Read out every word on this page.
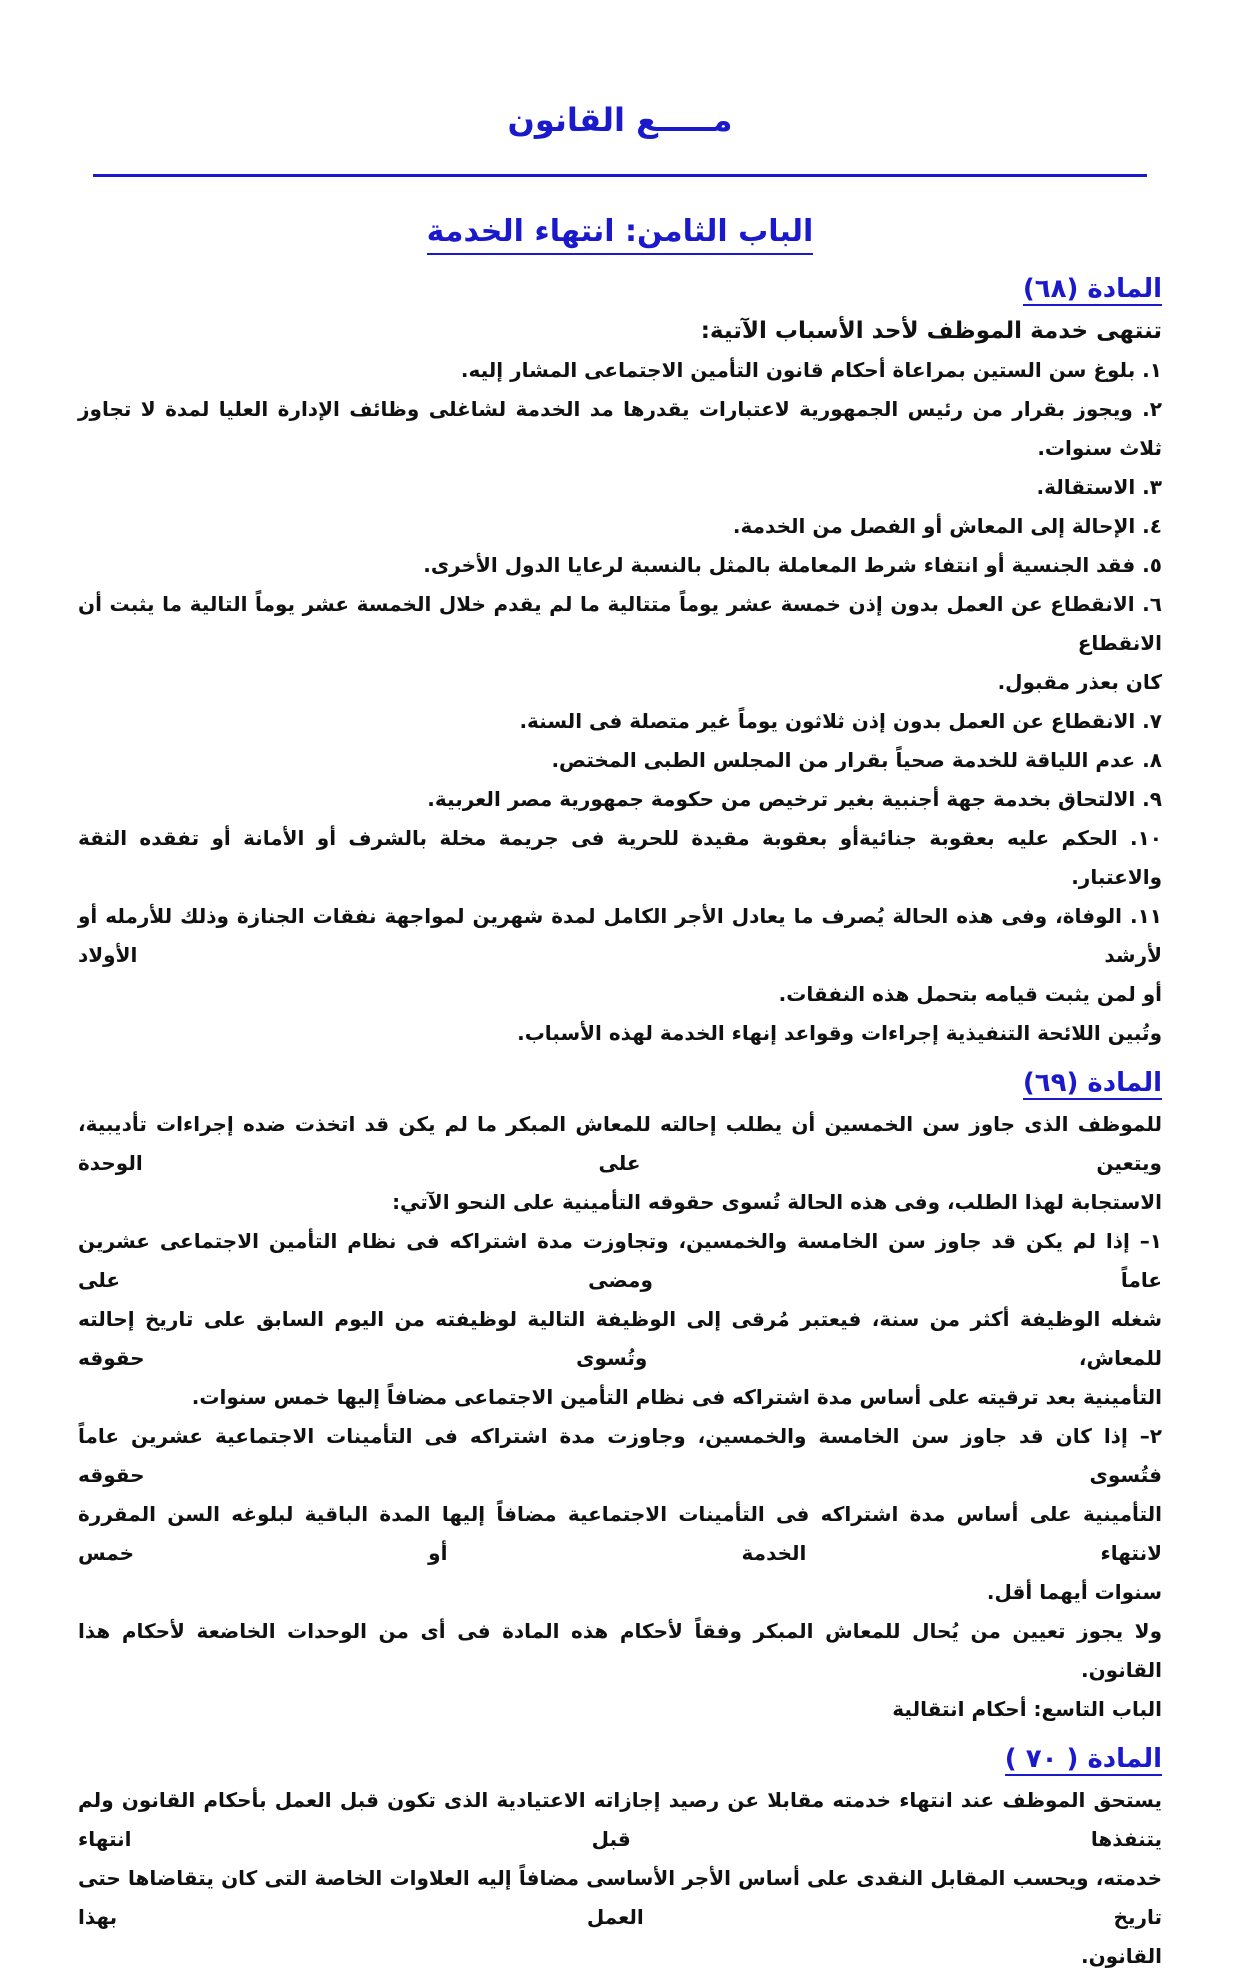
مـــــع القانون
الباب الثامن: انتهاء الخدمة
المادة (٦٨)

تنتهى خدمة الموظف لأحد الأسباب الآتية:

١. بلوغ سن الستين بمراعاة أحكام قانون التأمين الاجتماعى المشار إليه.

٢. ويجوز بقرار من رئيس الجمهورية لاعتبارات يقدرها مد الخدمة لشاغلى وظائف الإدارة العليا لمدة لا تجاوز ثلاث سنوات.

٣. الاستقالة.

٤. الإحالة إلى المعاش أو الفصل من الخدمة.

٥. فقد الجنسية أو انتفاء شرط المعاملة بالمثل بالنسبة لرعايا الدول الأخرى.

٦. الانقطاع عن العمل بدون إذن خمسة عشر يوماً متتالية ما لم يقدم خلال الخمسة عشر يوماً التالية ما يثبت أن الانقطاع

كان بعذر مقبول.

٧. الانقطاع عن العمل بدون إذن ثلاثون يوماً غير متصلة فى السنة.

٨. عدم اللياقة للخدمة صحياً بقرار من المجلس الطبى المختص.

٩. الالتحاق بخدمة جهة أجنبية بغير ترخيص من حكومة جمهورية مصر العربية.

١٠. الحكم عليه بعقوبة جنائيةأو بعقوبة مقيدة للحرية فى جريمة مخلة بالشرف أو الأمانة أو تفقده الثقة والاعتبار.

١١. الوفاة، وفى هذه الحالة يُصرف ما يعادل الأجر الكامل لمدة شهرين لمواجهة نفقات الجنازة وذلك للأرمله أو لأرشد الأولاد

أو لمن يثبت قيامه بتحمل هذه النفقات.

وتُبين اللائحة التنفيذية إجراءات وقواعد إنهاء الخدمة لهذه الأسباب.

المادة (٦٩)

للموظف الذى جاوز سن الخمسين أن يطلب إحالته للمعاش المبكر ما لم يكن قد اتخذت ضده إجراءات تأديبية، ويتعين على الوحدة

الاستجابة لهذا الطلب، وفى هذه الحالة تُسوى حقوقه التأمينية على النحو الآتي:

١– إذا لم يكن قد جاوز سن الخامسة والخمسين، وتجاوزت مدة اشتراكه فى نظام التأمين الاجتماعى عشرين عاماً ومضى على

شغله الوظيفة أكثر من سنة، فيعتبر مُرقى إلى الوظيفة التالية لوظيفته من اليوم السابق على تاريخ إحالته للمعاش، وتُسوى حقوقه

التأمينية بعد ترقيته على أساس مدة اشتراكه فى نظام التأمين الاجتماعى مضافاً إليها خمس سنوات.

٢– إذا كان قد جاوز سن الخامسة والخمسين، وجاوزت مدة اشتراكه فى التأمينات الاجتماعية عشرين عاماً فتُسوى حقوقه

التأمينية على أساس مدة اشتراكه فى التأمينات الاجتماعية مضافاً إليها المدة الباقية لبلوغه السن المقررة لانتهاء الخدمة أو خمس

سنوات أيهما أقل.

ولا يجوز تعيين من يُحال للمعاش المبكر وفقاً لأحكام هذه المادة فى أى من الوحدات الخاضعة لأحكام هذا القانون.

الباب التاسع: أحكام انتقالية

المادة ( ٧٠ )

يستحق الموظف عند انتهاء خدمته مقابلا عن رصيد إجازاته الاعتيادية الذى تكون قبل العمل بأحكام القانون ولم يتنفذها قبل انتهاء

خدمته، ويحسب المقابل النقدى على أساس الأجر الأساسى مضافاً إليه العلاوات الخاصة التى كان يتقاضاها حتى تاريخ العمل بهذا

القانون.
